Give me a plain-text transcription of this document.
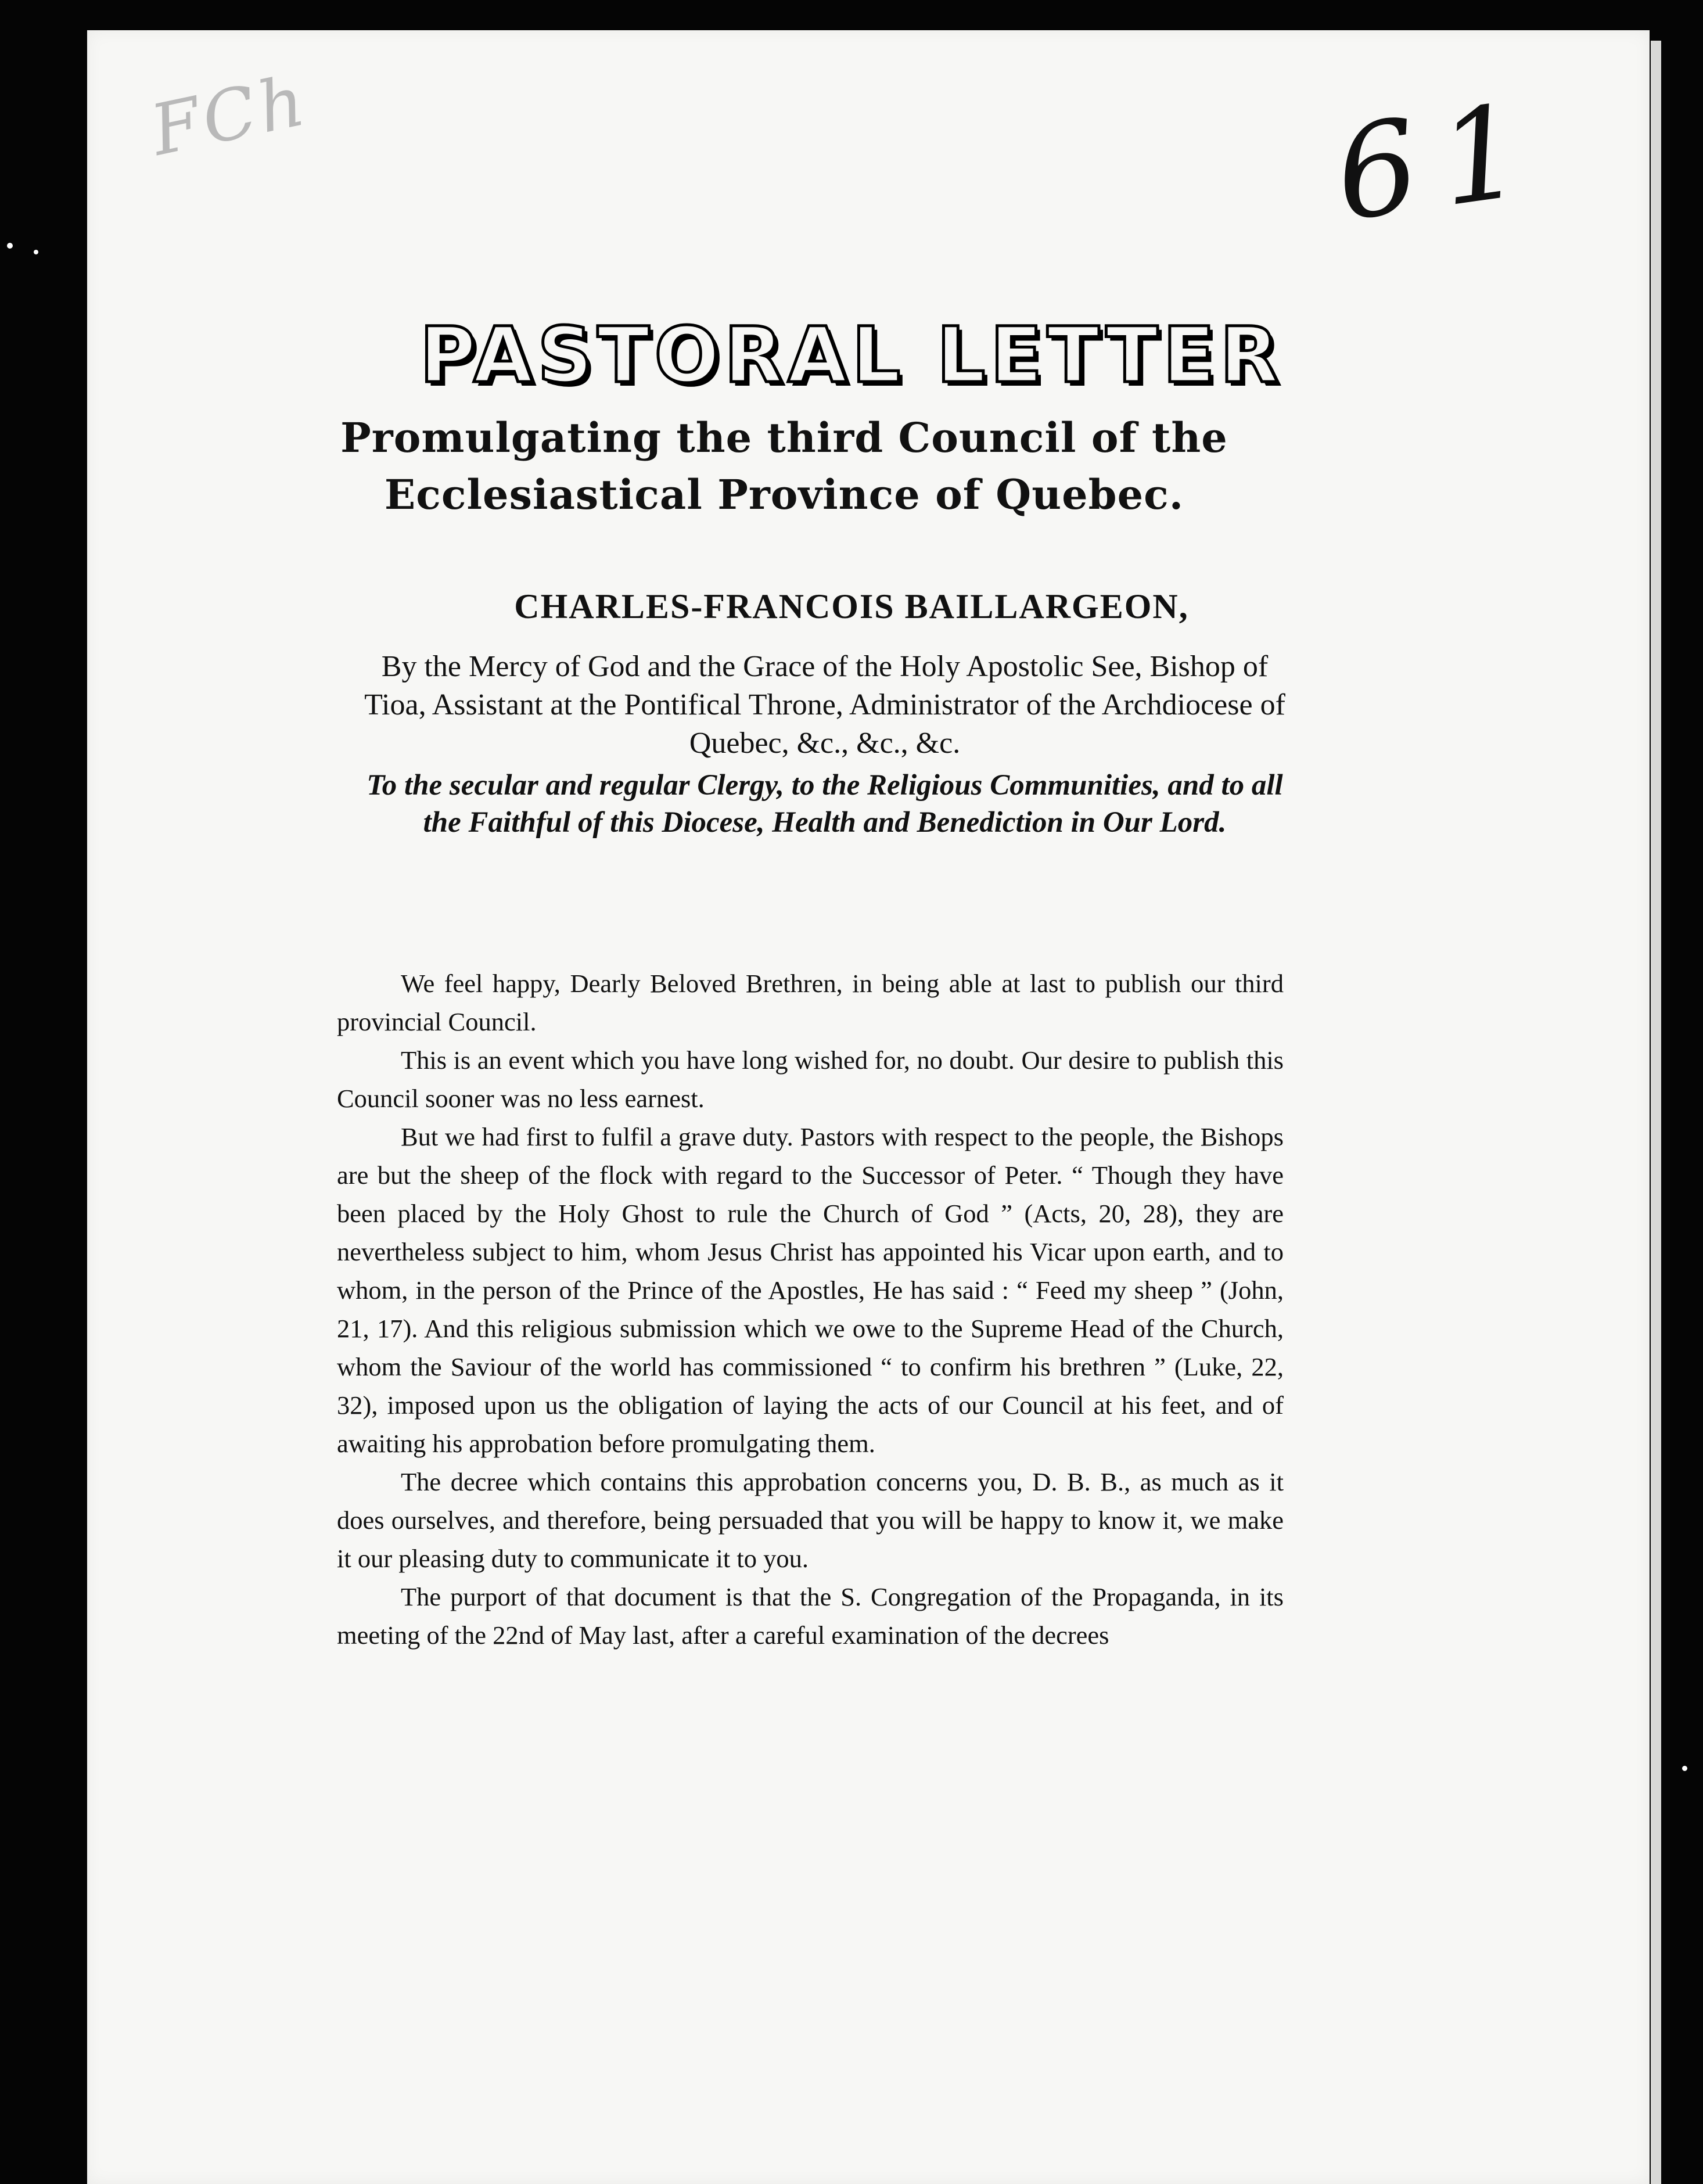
FCh	61
PASTORAL LETTER
Promulgating the third Council of the Ecclesiastical Province of Quebec.
CHARLES-FRANCOIS BAILLARGEON,
By the Mercy of God and the Grace of the Holy Apostolic See, Bishop of Tioa, Assistant at the Pontifical Throne, Administrator of the Archdiocese of Quebec, &c., &c., &c.
To the secular and regular Clergy, to the Religious Communities, and to all the Faithful of this Diocese, Health and Benediction in Our Lord.

We feel happy, Dearly Beloved Brethren, in being able at last to publish our third provincial Council.

This is an event which you have long wished for, no doubt. Our desire to publish this Council sooner was no less earnest.

But we had first to fulfil a grave duty. Pastors with respect to the people, the Bishops are but the sheep of the flock with regard to the Successor of Peter. “ Though they have been placed by the Holy Ghost to rule the Church of God ” (Acts, 20, 28), they are nevertheless subject to him, whom Jesus Christ has appointed his Vicar upon earth, and to whom, in the person of the Prince of the Apostles, He has said : “ Feed my sheep ” (John, 21, 17). And this religious submission which we owe to the Supreme Head of the Church, whom the Saviour of the world has commissioned “ to confirm his brethren ” (Luke, 22, 32), imposed upon us the obligation of laying the acts of our Council at his feet, and of awaiting his approbation before promulgating them.

The decree which contains this approbation concerns you, D. B. B., as much as it does ourselves, and therefore, being persuaded that you will be happy to know it, we make it our pleasing duty to communicate it to you.

The purport of that document is that the S. Congregation of the Propaganda, in its meeting of the 22nd of May last, after a careful examination of the decrees
